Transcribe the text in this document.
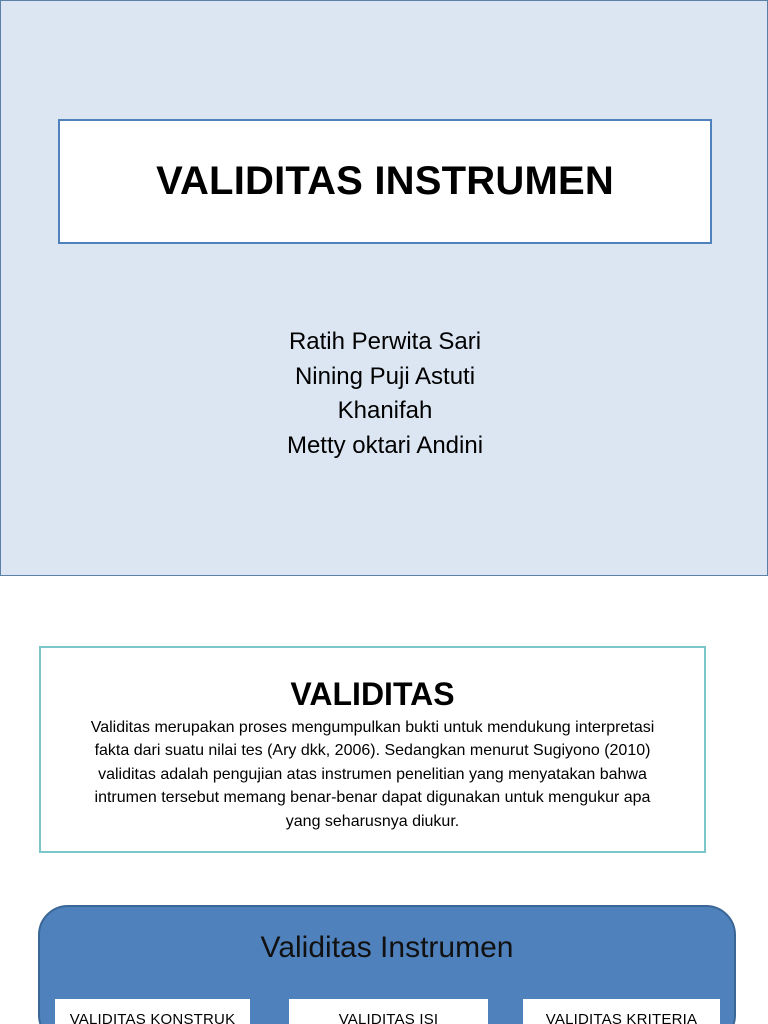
VALIDITAS INSTRUMEN
Ratih Perwita Sari
Nining Puji Astuti
Khanifah
Metty oktari Andini
VALIDITAS
Validitas merupakan proses mengumpulkan bukti untuk mendukung interpretasi fakta dari suatu nilai tes (Ary dkk, 2006). Sedangkan menurut Sugiyono (2010) validitas adalah pengujian atas instrumen penelitian yang menyatakan bahwa intrumen tersebut memang benar-benar dapat digunakan untuk mengukur apa yang seharusnya diukur.
Validitas Instrumen
VALIDITAS KONSTRUK	VALIDITAS ISI	VALIDITAS KRITERIA
